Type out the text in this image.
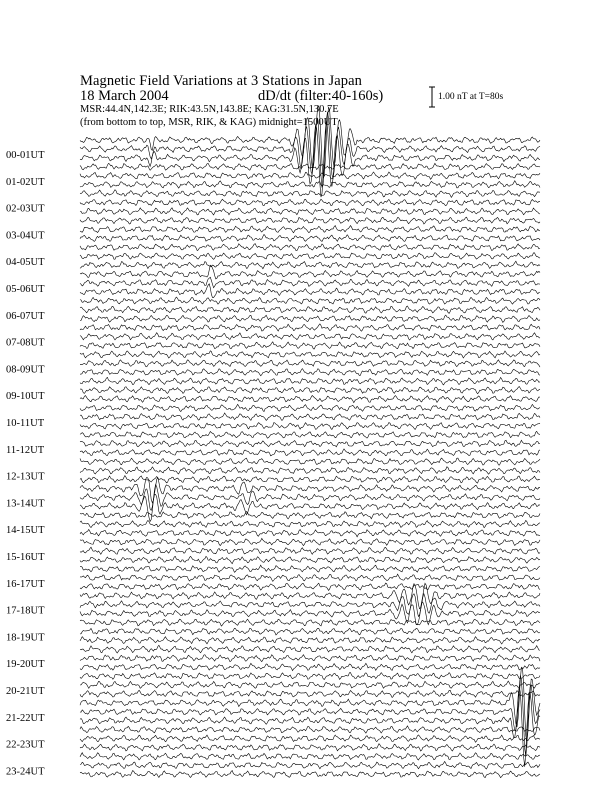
Magnetic Field Variations at 3 Stations in Japan
18 March 2004	dD/dt (filter:40-160s)
MSR:44.4N,142.3E; RIK:43.5N,143.8E; KAG:31.5N,130.7E
(from bottom to top, MSR, RIK, & KAG) midnight=1500UT
1.00 nT at T=80s
00-01UT
01-02UT
02-03UT
03-04UT
04-05UT
05-06UT
06-07UT
07-08UT
08-09UT
09-10UT
10-11UT
11-12UT
12-13UT
13-14UT
14-15UT
15-16UT
16-17UT
17-18UT
18-19UT
19-20UT
20-21UT
21-22UT
22-23UT
23-24UT
